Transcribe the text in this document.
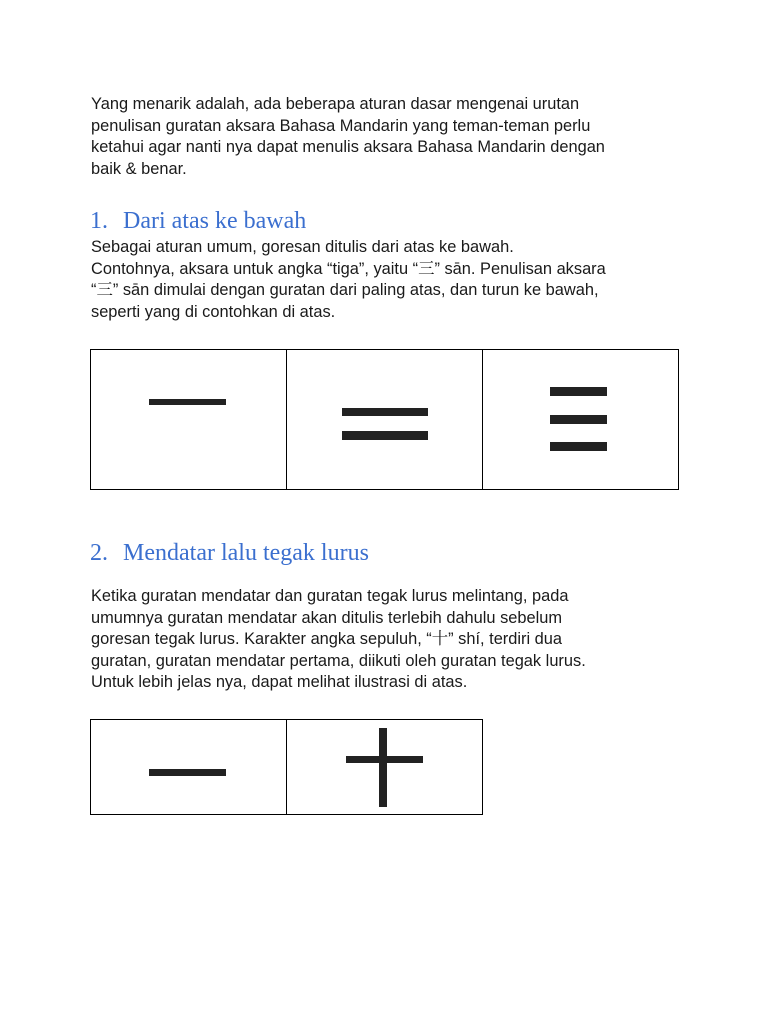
Yang menarik adalah, ada beberapa aturan dasar mengenai urutan
penulisan guratan aksara Bahasa Mandarin yang teman-teman perlu
ketahui agar nanti nya dapat menulis aksara Bahasa Mandarin dengan
baik & benar.
1. Dari atas ke bawah
Sebagai aturan umum, goresan ditulis dari atas ke bawah.
Contohnya, aksara untuk angka “tiga”, yaitu “三” sān. Penulisan aksara
“三” sān dimulai dengan guratan dari paling atas, dan turun ke bawah,
seperti yang di contohkan di atas.

2. Mendatar lalu tegak lurus
Ketika guratan mendatar dan guratan tegak lurus melintang, pada
umumnya guratan mendatar akan ditulis terlebih dahulu sebelum
goresan tegak lurus. Karakter angka sepuluh, “十” shí, terdiri dua
guratan, guratan mendatar pertama, diikuti oleh guratan tegak lurus.
Untuk lebih jelas nya, dapat melihat ilustrasi di atas.
